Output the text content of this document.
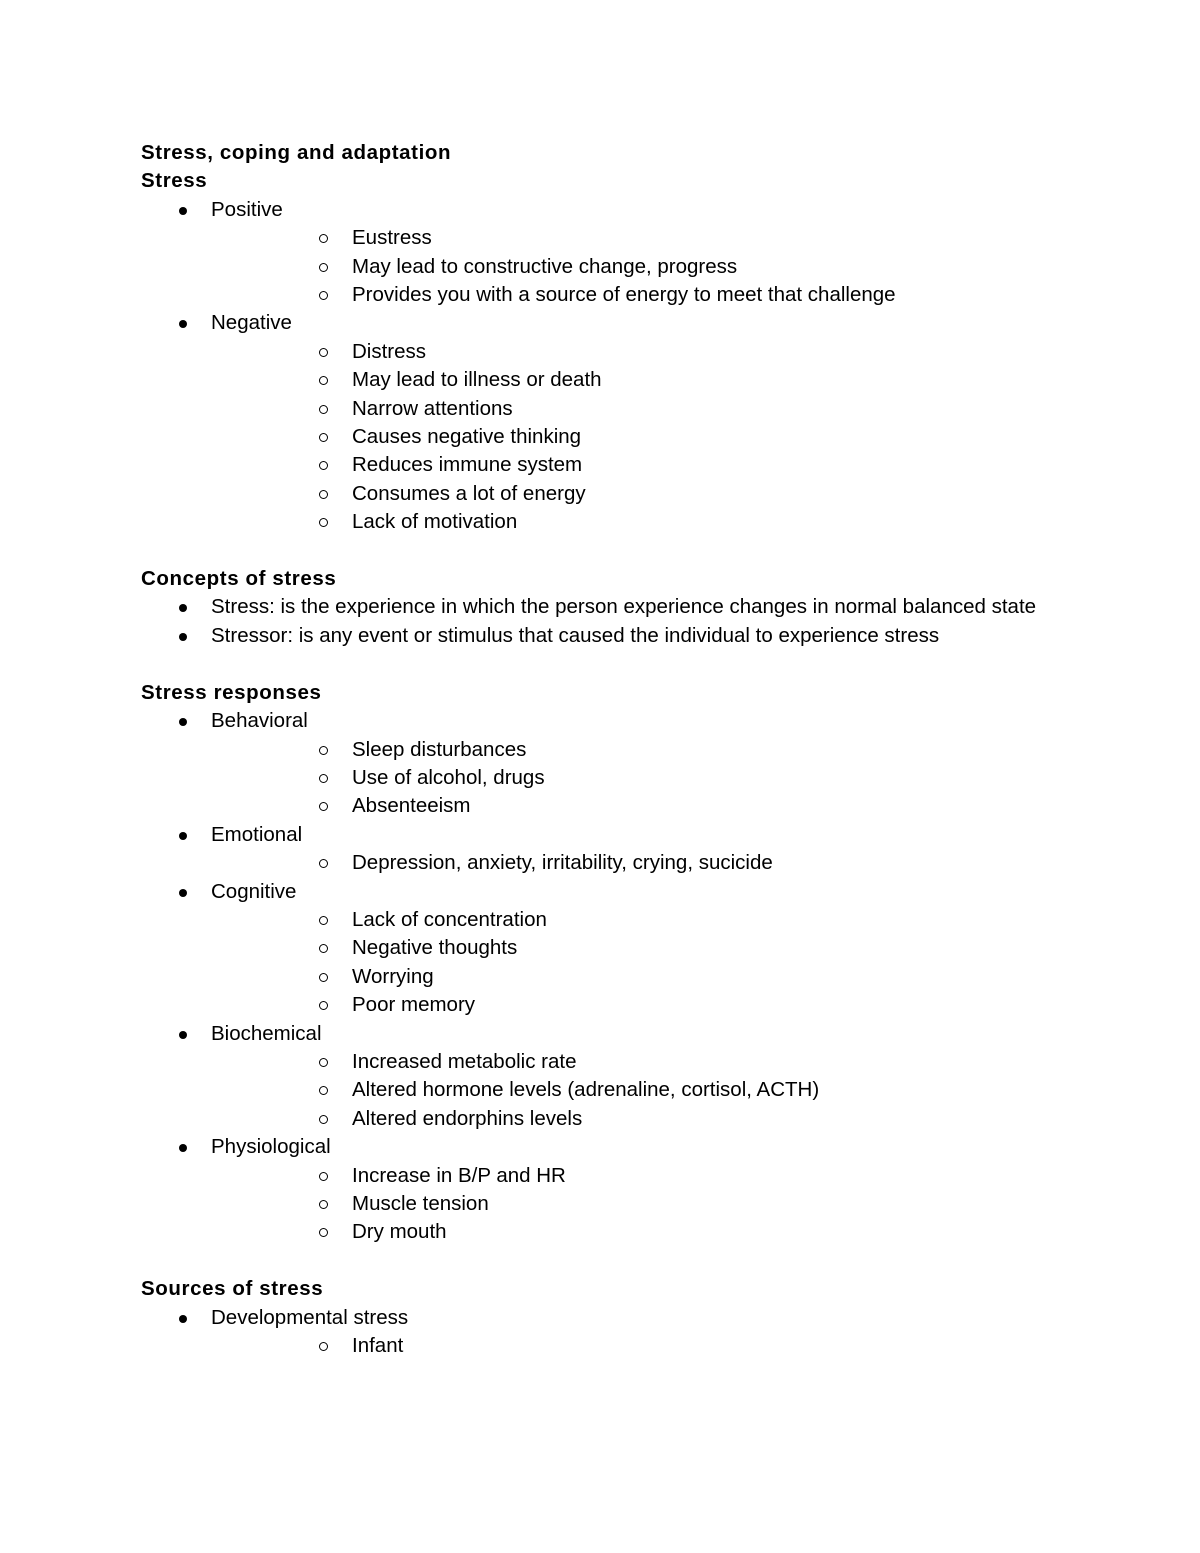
Stress, coping and adaptation
Stress
Positive
Eustress
May lead to constructive change, progress
Provides you with a source of energy to meet that challenge
Negative
Distress
May lead to illness or death
Narrow attentions
Causes negative thinking
Reduces immune system
Consumes a lot of energy
Lack of motivation
Concepts of stress
Stress: is the experience in which the person experience changes in normal balanced state
Stressor: is any event or stimulus that caused the individual to experience stress
Stress responses
Behavioral
Sleep disturbances
Use of alcohol, drugs
Absenteeism
Emotional
Depression, anxiety, irritability, crying, sucicide
Cognitive
Lack of concentration
Negative thoughts
Worrying
Poor memory
Biochemical
Increased metabolic rate
Altered hormone levels (adrenaline, cortisol, ACTH)
Altered endorphins levels
Physiological
Increase in B/P and HR
Muscle tension
Dry mouth
Sources of stress
Developmental stress
Infant
